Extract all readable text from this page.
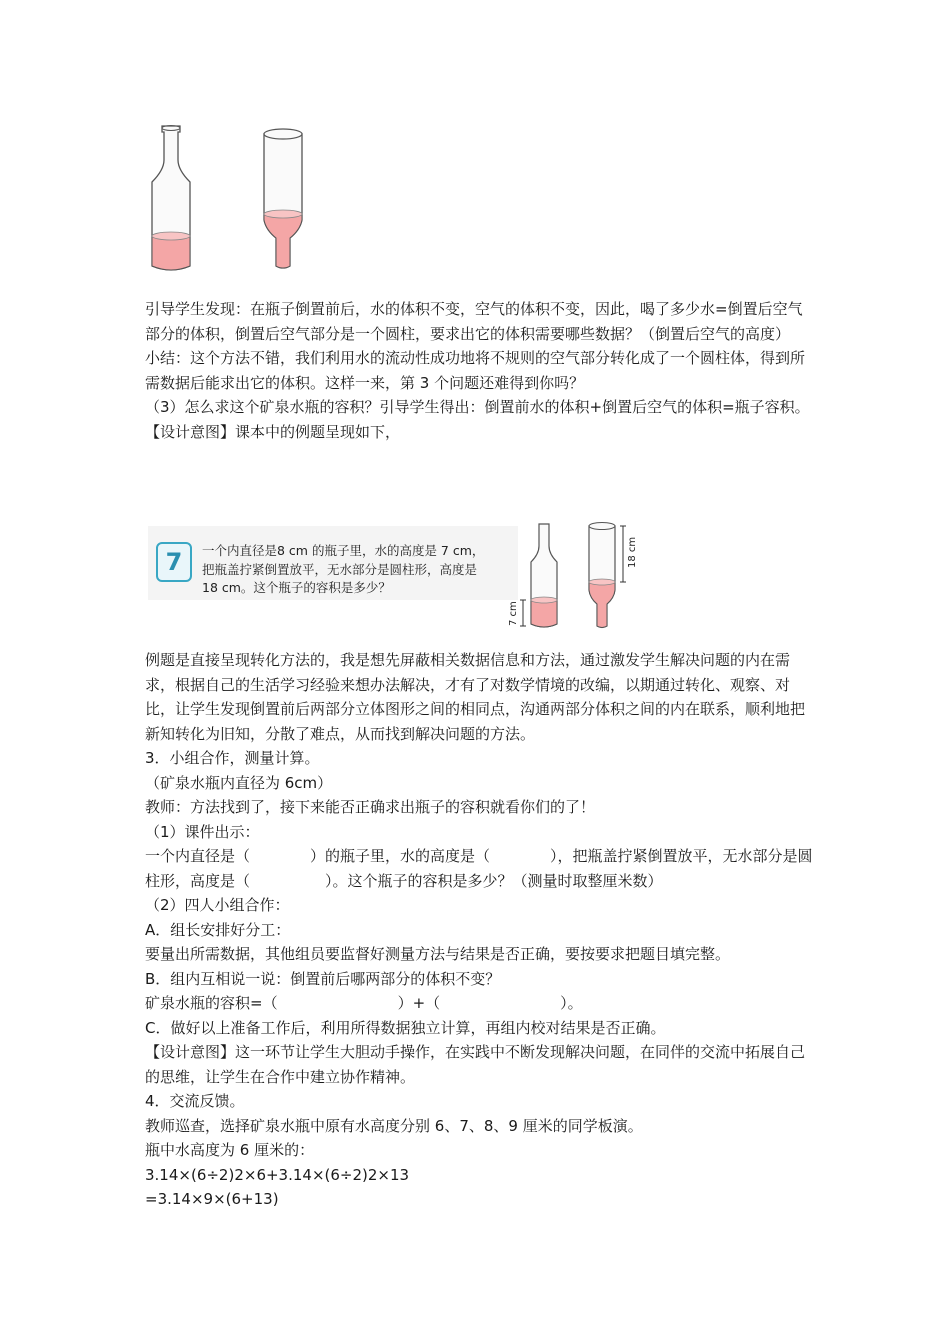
引导学生发现：在瓶子倒置前后，水的体积不变，空气的体积不变，因此，喝了多少水=倒置后空气部分的体积，倒置后空气部分是一个圆柱，要求出它的体积需要哪些数据？（倒置后空气的高度）

小结：这个方法不错，我们利用水的流动性成功地将不规则的空气部分转化成了一个圆柱体，得到所需数据后能求出它的体积。这样一来，第 3 个问题还难得到你吗？

（3）怎么求这个矿泉水瓶的容积？引导学生得出：倒置前水的体积+倒置后空气的体积=瓶子容积。

【设计意图】课本中的例题呈现如下，

7	一个内直径是8 cm 的瓶子里，水的高度是 7 cm，

把瓶盖拧紧倒置放平，无水部分是圆柱形，高度是

18 cm。这个瓶子的容积是多少？

7 cm
18 cm

例题是直接呈现转化方法的，我是想先屏蔽相关数据信息和方法，通过激发学生解决问题的内在需求，根据自己的生活学习经验来想办法解决，才有了对数学情境的改编，以期通过转化、观察、对比，让学生发现倒置前后两部分立体图形之间的相同点，沟通两部分体积之间的内在联系，顺利地把新知转化为旧知，分散了难点，从而找到解决问题的方法。

3．小组合作，测量计算。

（矿泉水瓶内直径为 6cm）

教师：方法找到了，接下来能否正确求出瓶子的容积就看你们的了！

（1）课件出示：

一个内直径是（　　　　）的瓶子里，水的高度是（　　　　），把瓶盖拧紧倒置放平，无水部分是圆柱形，高度是（　　　　　）。这个瓶子的容积是多少？（测量时取整厘米数）

（2）四人小组合作：

A．组长安排好分工：

要量出所需数据，其他组员要监督好测量方法与结果是否正确，要按要求把题目填完整。

B．组内互相说一说：倒置前后哪两部分的体积不变？

矿泉水瓶的容积=（　　　　　　　　）+（　　　　　　　　）。

C．做好以上准备工作后，利用所得数据独立计算，再组内校对结果是否正确。

【设计意图】这一环节让学生大胆动手操作，在实践中不断发现解决问题，在同伴的交流中拓展自己的思维，让学生在合作中建立协作精神。

4．交流反馈。

教师巡查，选择矿泉水瓶中原有水高度分别 6、7、8、9 厘米的同学板演。

瓶中水高度为 6 厘米的：

3.14×(6÷2)2×6+3.14×(6÷2)2×13

=3.14×9×(6+13)
